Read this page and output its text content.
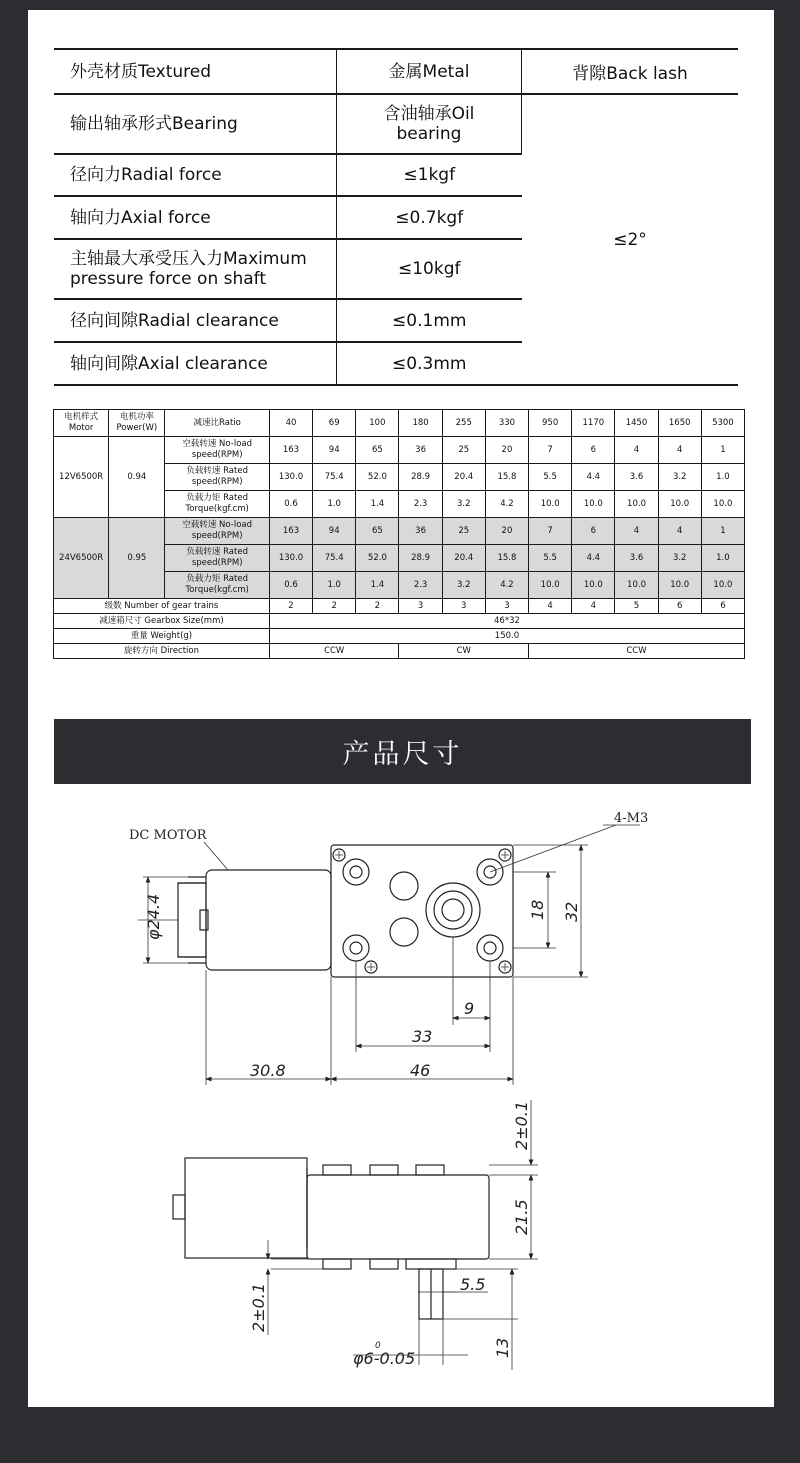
外壳材质Textured	金属Metal	背隙Back lash
输出轴承形式Bearing	含油轴承Oil bearing	≤2°
径向力Radial force	≤1kgf	
轴向力Axial force	≤0.7kgf	
主轴最大承受压入力Maximum pressure force on shaft	≤10kgf	
径向间隙Radial clearance	≤0.1mm	
轴向间隙Axial clearance	≤0.3mm	
电机样式 Motor	电机功率 Power(W)	减速比Ratio	40	69	100	180	255	330	950	1170	1450	1650	5300
12V6500R	0.94	空载转速 No-load speed(RPM)	163	94	65	36	25	20	7	6	4	4	1
		负载转速 Rated speed(RPM)	130.0	75.4	52.0	28.9	20.4	15.8	5.5	4.4	3.6	3.2	1.0
		负载力矩 Rated Torque(kgf.cm)	0.6	1.0	1.4	2.3	3.2	4.2	10.0	10.0	10.0	10.0	10.0
24V6500R	0.95	空载转速 No-load speed(RPM)	163	94	65	36	25	20	7	6	4	4	1
		负载转速 Rated speed(RPM)	130.0	75.4	52.0	28.9	20.4	15.8	5.5	4.4	3.6	3.2	1.0
		负载力矩 Rated Torque(kgf.cm)	0.6	1.0	1.4	2.3	3.2	4.2	10.0	10.0	10.0	10.0	10.0
级数 Number of gear trains			2	2	2	3	3	3	4	4	5	6	6
减速箱尺寸 Gearbox Size(mm)			46*32										
重量 Weight(g)			150.0										
旋转方向 Direction			CCW			CW			CCW				
产品尺寸
DC MOTOR
4-M3
φ24.4	18 32
9
33
30.8	46
2±0.1
21.5
5.5
2±0.1
13
φ6-0.05
0
